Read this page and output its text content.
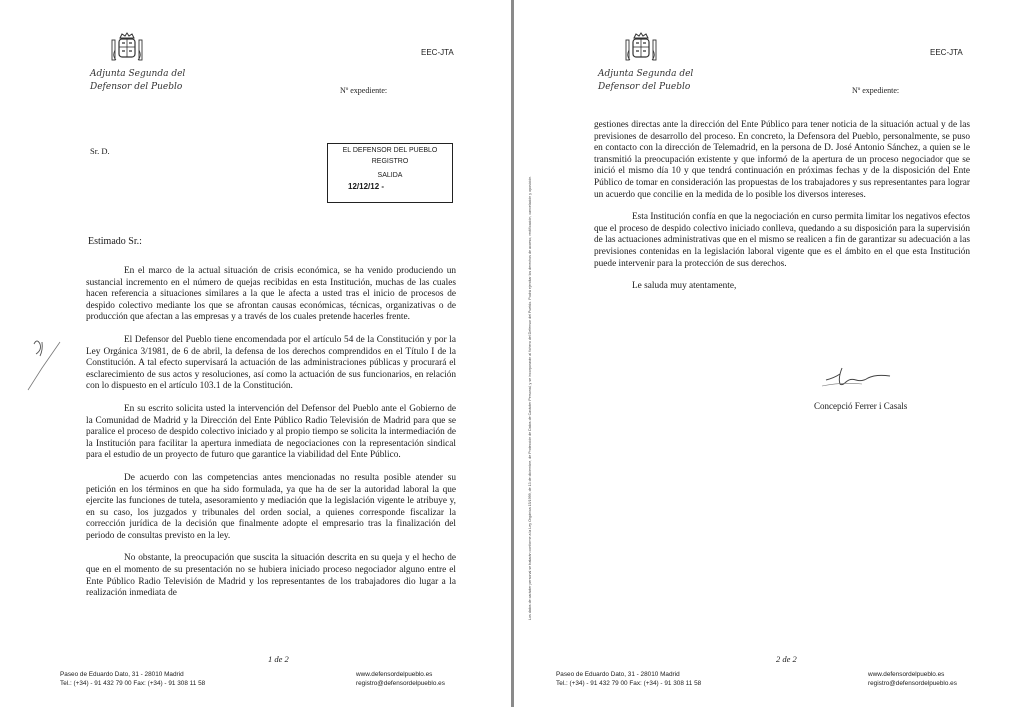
Adjunta Segunda del
Defensor del Pueblo
EEC-JTA
Nº expediente:
Sr. D.	EL DEFENSOR DEL PUEBLO
REGISTRO
SALIDA
12/12/12 -
Estimado Sr.:

En el marco de la actual situación de crisis económica, se ha venido produciendo un sustancial incremento en el número de quejas recibidas en esta Institución, muchas de las cuales hacen referencia a situaciones similares a la que le afecta a usted tras el inicio de procesos de despido colectivo mediante los que se afrontan causas económicas, técnicas, organizativas o de producción que afectan a las empresas y a través de los cuales pretende hacerles frente.

El Defensor del Pueblo tiene encomendada por el artículo 54 de la Constitución y por la Ley Orgánica 3/1981, de 6 de abril, la defensa de los derechos comprendidos en el Título I de la Constitución. A tal efecto supervisará la actuación de las administraciones públicas y procurará el esclarecimiento de sus actos y resoluciones, así como la actuación de sus funcionarios, en relación con lo dispuesto en el artículo 103.1 de la Constitución.

En su escrito solicita usted la intervención del Defensor del Pueblo ante el Gobierno de la Comunidad de Madrid y la Dirección del Ente Público Radio Televisión de Madrid para que se paralice el proceso de despido colectivo iniciado y al propio tiempo se solicita la intermediación de la Institución para facilitar la apertura inmediata de negociaciones con la representación sindical para el estudio de un proyecto de futuro que garantice la viabilidad del Ente Público.

De acuerdo con las competencias antes mencionadas no resulta posible atender su petición en los términos en que ha sido formulada, ya que ha de ser la autoridad laboral la que ejercite las funciones de tutela, asesoramiento y mediación que la legislación vigente le atribuye y, en su caso, los juzgados y tribunales del orden social, a quienes corresponde fiscalizar la corrección jurídica de la decisión que finalmente adopte el empresario tras la finalización del periodo de consultas previsto en la ley.

No obstante, la preocupación que suscita la situación descrita en su queja y el hecho de que en el momento de su presentación no se hubiera iniciado proceso negociador alguno entre el Ente Público Radio Televisión de Madrid y los representantes de los trabajadores dio lugar a la realización inmediata de

1 de 2
Paseo de Eduardo Dato, 31 - 28010 Madrid
Tel.: (+34) - 91 432 79 00 Fax: (+34) - 91 308 11 58
www.defensordelpueblo.es
registro@defensordelpueblo.es
Los datos de carácter personal se tratarán conforme a la Ley Orgánica 15/1999, de 13 de diciembre, de Protección de Datos de Carácter Personal, y se incorporarán al fichero del Defensor del Pueblo. Podrá ejercitar los derechos de acceso, rectificación, cancelación y oposición.
Adjunta Segunda del
Defensor del Pueblo
EEC-JTA
Nº expediente:

gestiones directas ante la dirección del Ente Público para tener noticia de la situación actual y de las previsiones de desarrollo del proceso. En concreto, la Defensora del Pueblo, personalmente, se puso en contacto con la dirección de Telemadrid, en la persona de D. José Antonio Sánchez, a quien se le transmitió la preocupación existente y que informó de la apertura de un proceso negociador que se inició el mismo día 10 y que tendrá continuación en próximas fechas y de la disposición del Ente Público de tomar en consideración las propuestas de los trabajadores y sus representantes para lograr un acuerdo que concilie en la medida de lo posible los diversos intereses.

Esta Institución confía en que la negociación en curso permita limitar los negativos efectos que el proceso de despido colectivo iniciado conlleva, quedando a su disposición para la supervisión de las actuaciones administrativas que en el mismo se realicen a fin de garantizar su adecuación a las previsiones contenidas en la legislación laboral vigente que es el ámbito en el que esta Institución puede intervenir para la protección de sus derechos.

Le saluda muy atentamente,

Concepció Ferrer i Casals
2 de 2
Paseo de Eduardo Dato, 31 - 28010 Madrid
Tel.: (+34) - 91 432 79 00 Fax: (+34) - 91 308 11 58
www.defensordelpueblo.es
registro@defensordelpueblo.es
